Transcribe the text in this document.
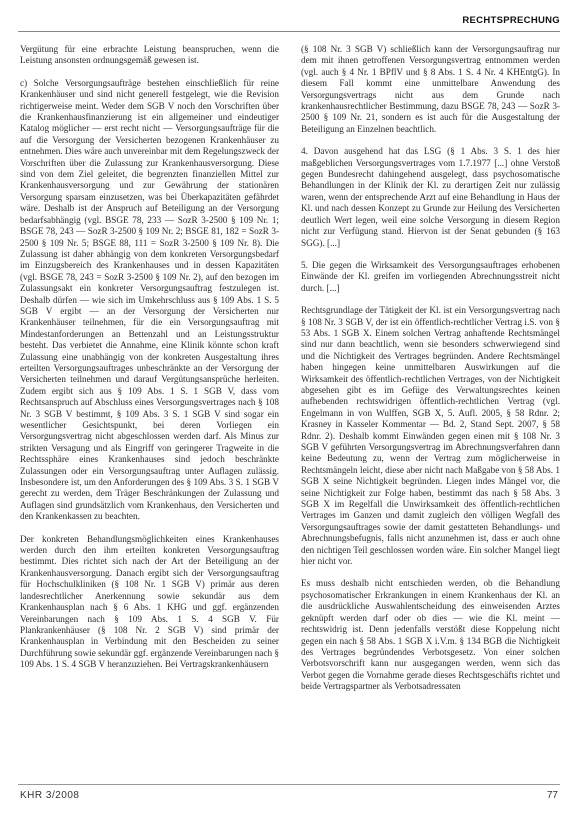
RECHTSPRECHUNG

Vergütung für eine erbrachte Leistung beanspruchen, wenn die Leistung ansonsten ordnungsgemäß gewesen ist.

c) Solche Versorgungsaufträge bestehen einschließlich für reine Krankenhäuser und sind nicht generell festgelegt, wie die Revision richtigerweise meint. Weder dem SGB V noch den Vorschriften über die Krankenhausfinanzierung ist ein allgemeiner und eindeutiger Katalog möglicher — erst recht nicht — Versorgungsaufträge für die auf die Versorgung der Versicherten bezogenen Krankenhäuser zu entnehmen. Dies wäre auch unvereinbar mit dem Regelungszweck der Vorschriften über die Zulassung zur Krankenhausversorgung. Diese sind von dem Ziel geleitet, die begrenzten finanziellen Mittel zur Krankenhausversorgung und zur Gewährung der stationären Versorgung sparsam einzusetzen, was bei Überkapazitäten gefährdet wäre. Deshalb ist der Anspruch auf Beteiligung an der Versorgung bedarfsabhängig (vgl. BSGE 78, 233 — SozR 3-2500 § 109 Nr. 1; BSGE 78, 243 — SozR 3-2500 § 109 Nr. 2; BSGE 81, 182 = SozR 3-2500 § 109 Nr. 5; BSGE 88, 111 = SozR 3-2500 § 109 Nr. 8). Die Zulassung ist daher abhängig von dem konkreten Versorgungsbedarf im Einzugsbereich des Krankenhauses und in dessen Kapazitäten (vgl. BSGE 78, 243 = SozR 3-2500 § 109 Nr. 2), auf den bezogen im Zulassungsakt ein konkreter Versorgungsauftrag festzulegen ist. Deshalb dürfen — wie sich im Umkehrschluss aus § 109 Abs. 1 S. 5 SGB V ergibt — an der Versorgung der Versicherten nur Krankenhäuser teilnehmen, für die ein Versorgungsauftrag mit Mindestanforderungen an Bettenzahl und an Leistungsstruktur besteht. Das verbietet die Annahme, eine Klinik könnte schon kraft Zulassung eine unabhängig von der konkreten Ausgestaltung ihres erteilten Versorgungsauftrages unbeschränkte an der Versorgung der Versicherten teilnehmen und darauf Vergütungsansprüche herleiten. Zudem ergibt sich aus § 109 Abs. 1 S. 1 SGB V, dass vom Rechtsanspruch auf Abschluss eines Versorgungsvertrages nach § 108 Nr. 3 SGB V bestimmt, § 109 Abs. 3 S. 1 SGB V sind sogar ein wesentlicher Gesichtspunkt, bei deren Vorliegen ein Versorgungsvertrag nicht abgeschlossen werden darf. Als Minus zur strikten Versagung und als Eingriff von geringerer Tragweite in die Rechtssphäre eines Krankenhauses sind jedoch beschränkte Zulassungen oder ein Versorgungsauftrag unter Auflagen zulässig. Insbesondere ist, um den Anforderungen des § 109 Abs. 3 S. 1 SGB V gerecht zu werden, dem Träger Beschränkungen der Zulassung und Auflagen sind grundsätzlich vom Krankenhaus, den Versicherten und den Krankenkassen zu beachten.

Der konkreten Behandlungsmöglichkeiten eines Krankenhauses werden durch den ihm erteilten konkreten Versorgungsauftrag bestimmt. Dies richtet sich nach der Art der Beteiligung an der Krankenhausversorgung. Danach ergibt sich der Versorgungsauftrag für Hochschulkliniken (§ 108 Nr. 1 SGB V) primär aus deren landesrechtlicher Anerkennung sowie sekundär aus dem Krankenhausplan nach § 6 Abs. 1 KHG und ggf. ergänzenden Vereinbarungen nach § 109 Abs. 1 S. 4 SGB V. Für Plankrankenhäuser (§ 108 Nr. 2 SGB V) sind primär der Krankenhausplan in Verbindung mit den Bescheiden zu seiner Durchführung sowie sekundär ggf. ergänzende Vereinbarungen nach § 109 Abs. 1 S. 4 SGB V heranzuziehen. Bei Vertragskrankenhäusern

(§ 108 Nr. 3 SGB V) schließlich kann der Versorgungsauftrag nur dem mit ihnen getroffenen Versorgungsvertrag entnommen werden (vgl. auch § 4 Nr. 1 BPflV und § 8 Abs. 1 S. 4 Nr. 4 KHEntgG). In diesem Fall kommt eine unmittelbare Anwendung des Versorgungsvertrags nicht aus dem Grunde nach krankenhausrechtlicher Bestimmung, dazu BSGE 78, 243 — SozR 3-2500 § 109 Nr. 21, sondern es ist auch für die Ausgestaltung der Beteiligung an Einzelnen beachtlich.

4. Davon ausgehend hat das LSG (§ 1 Abs. 3 S. 1 des hier maßgeblichen Versorgungsvertrages vom 1.7.1977 [...] ohne Verstoß gegen Bundesrecht dahingehend ausgelegt, dass psychosomatische Behandlungen in der Klinik der Kl. zu derartigen Zeit nur zulässig waren, wenn der entsprechende Arzt auf eine Behandlung in Haus der Kl. und nach dessen Konzept zu Grunde zur Heilung des Versicherten deutlich Wert legen, weil eine solche Versorgung in diesem Region nicht zur Verfügung stand. Hiervon ist der Senat gebunden (§ 163 SGG). [...]

5. Die gegen die Wirksamkeit des Versorgungsauftrages erhobenen Einwände der Kl. greifen im vorliegenden Abrechnungsstreit nicht durch. [...]

Rechtsgrundlage der Tätigkeit der Kl. ist ein Versorgungsvertrag nach § 108 Nr. 3 SGB V, der ist ein öffentlich-rechtlicher Vertrag i.S. von § 53 Abs. 1 SGB X. Einem solchen Vertrag anhaftende Rechtsmängel sind nur dann beachtlich, wenn sie besonders schwerwiegend sind und die Nichtigkeit des Vertrages begründen. Andere Rechtsmängel haben hingegen keine unmittelbaren Auswirkungen auf die Wirksamkeit des öffentlich-rechtlichen Vertrages, von der Nichtigkeit abgesehen gibt es im Gefüge des Verwaltungsrechtes keinen aufhebenden rechtswidrigen öffentlich-rechtlichen Vertrag (vgl. Engelmann in von Wulffen, SGB X, 5. Aufl. 2005, § 58 Rdnr. 2; Krasney in Kasseler Kommentar — Bd. 2, Stand Sept. 2007, § 58 Rdnr. 2). Deshalb kommt Einwänden gegen einen mit § 108 Nr. 3 SGB V geführten Versorgungsvertrag im Abrechnungsverfahren dann keine Bedeutung zu, wenn der Vertrag zum möglicherweise in Rechtsmängeln leicht, diese aber nicht nach Maßgabe von § 58 Abs. 1 SGB X seine Nichtigkeit begründen. Liegen indes Mängel vor, die seine Nichtigkeit zur Folge haben, bestimmt das nach § 58 Abs. 3 SGB X im Regelfall die Unwirksamkeit des öffentlich-rechtlichen Vertrages im Ganzen und damit zugleich den völligen Wegfall des Versorgungsauftrages sowie der damit gestatteten Behandlungs- und Abrechnungsbefugnis, falls nicht anzunehmen ist, dass er auch ohne den nichtigen Teil geschlossen worden wäre. Ein solcher Mangel liegt hier nicht vor.

Es muss deshalb nicht entschieden werden, ob die Behandlung psychosomatischer Erkrankungen in einem Krankenhaus der Kl. an die ausdrückliche Auswahlentscheidung des einweisenden Arztes geknüpft werden darf oder ob dies — wie die Kl. meint — rechtswidrig ist. Denn jedenfalls verstößt diese Koppelung nicht gegen ein nach § 58 Abs. 1 SGB X i.V.m. § 134 BGB die Nichtigkeit des Vertrages begründendes Verbotsgesetz. Von einer solchen Verbotsvorschrift kann nur ausgegangen werden, wenn sich das Verbot gegen die Vornahme gerade dieses Rechtsgeschäfts richtet und beide Vertragspartner als Verbotsadressaten

KHR 3/2008	77
